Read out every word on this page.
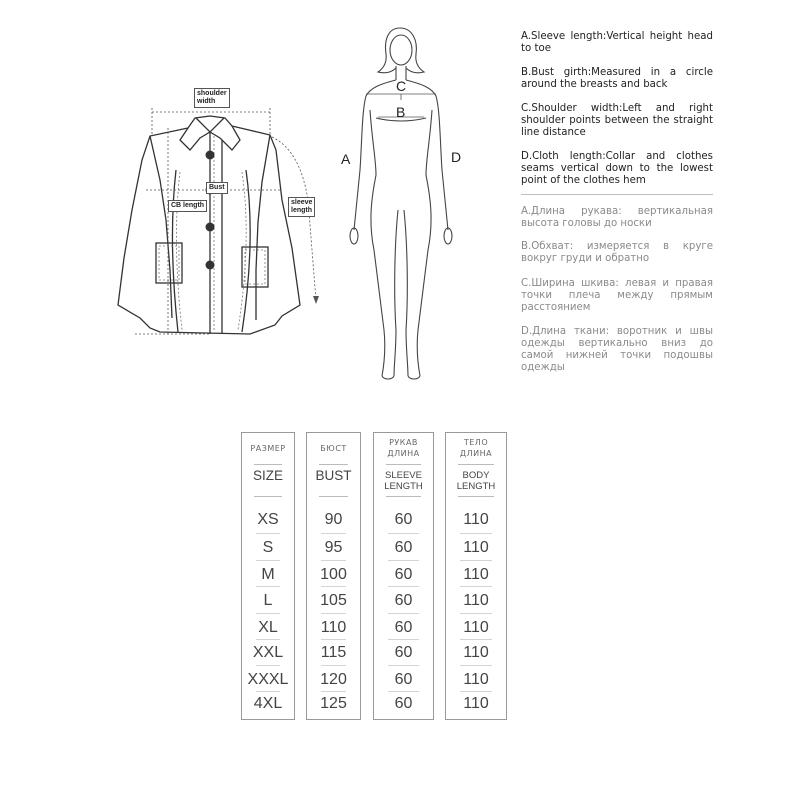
shoulder
width
Bust
CB length	sleeve
length
A
B
C
D
A.Sleeve length:Vertical height head to toe
B.Bust girth:Measured in a circle around the breasts and back
C.Shoulder width:Left and right shoulder points between the straight line distance
D.Cloth length:Collar and clothes seams vertical down to the lowest point of the clothes hem
A.Длина рукава: вертикальная высота головы до носки
B.Обхват: измеряется в круге вокруг груди и обратно
C.Ширина шкива: левая и правая точки плеча между прямым расстоянием
D.Длина ткани: воротник и швы одежды вертикально вниз до самой нижней точки подошвы одежды
РАЗМЕР
SIZE
XS
S
M
L
XL
XXL
XXXL
4XL
БЮСТ
BUST
90
95
100
105
110
115
120
125
РУКАВ
ДЛИНА
SLEEVE
LENGTH
60
60
60
60
60
60
60
60
ТЕЛО
ДЛИНА
BODY
LENGTH
110
110
110
110
110
110
110
110
